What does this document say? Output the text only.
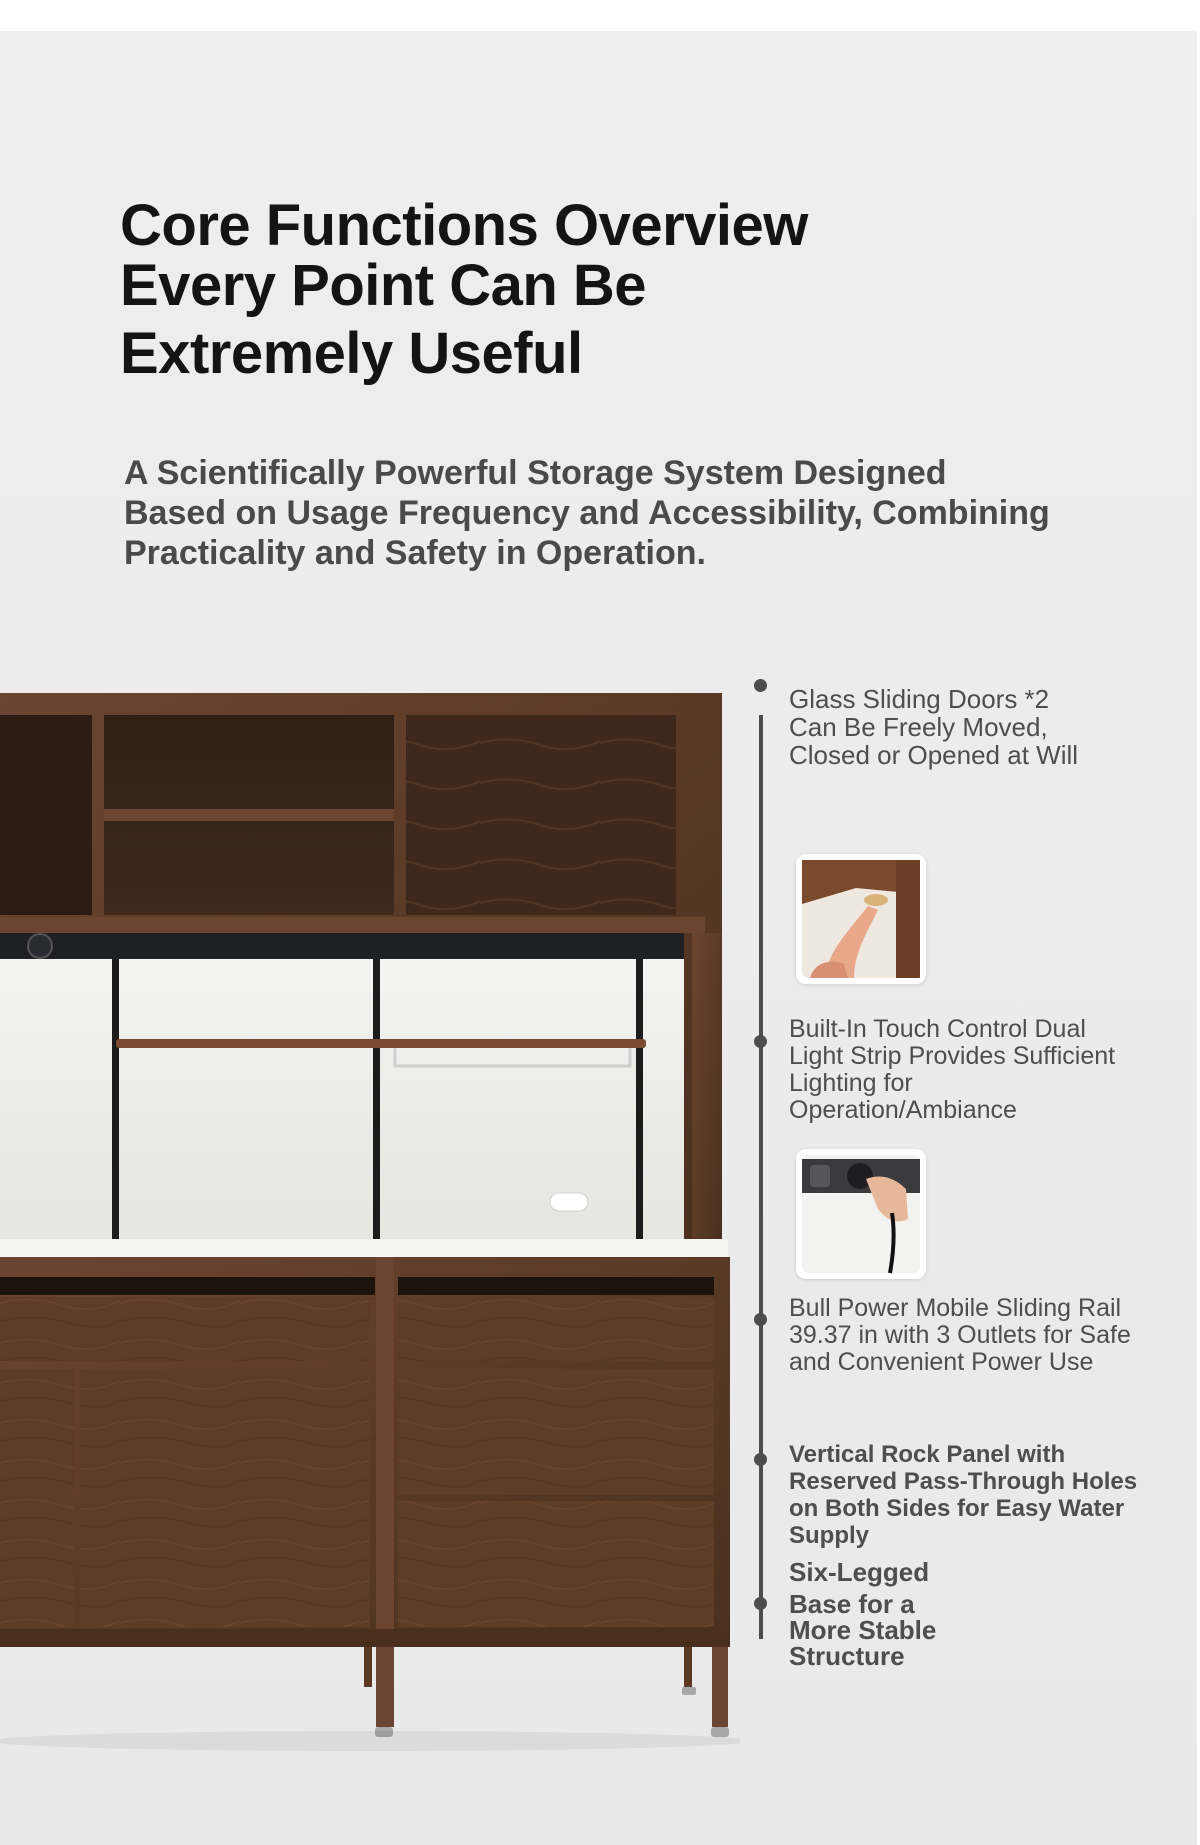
Core Functions Overview
Every Point Can Be
Extremely Useful

A Scientifically Powerful Storage System Designed
Based on Usage Frequency and Accessibility, Combining
Practicality and Safety in Operation.

Glass Sliding Doors *2
Can Be Freely Moved,
Closed or Opened at Will

Built-In Touch Control Dual
Light Strip Provides Sufficient
Lighting for
Operation/Ambiance

Bull Power Mobile Sliding Rail
39.37 in with 3 Outlets for Safe
and Convenient Power Use

Vertical Rock Panel with
Reserved Pass-Through Holes
on Both Sides for Easy Water
Supply

Six-Legged
Base for a
More Stable
Structure
